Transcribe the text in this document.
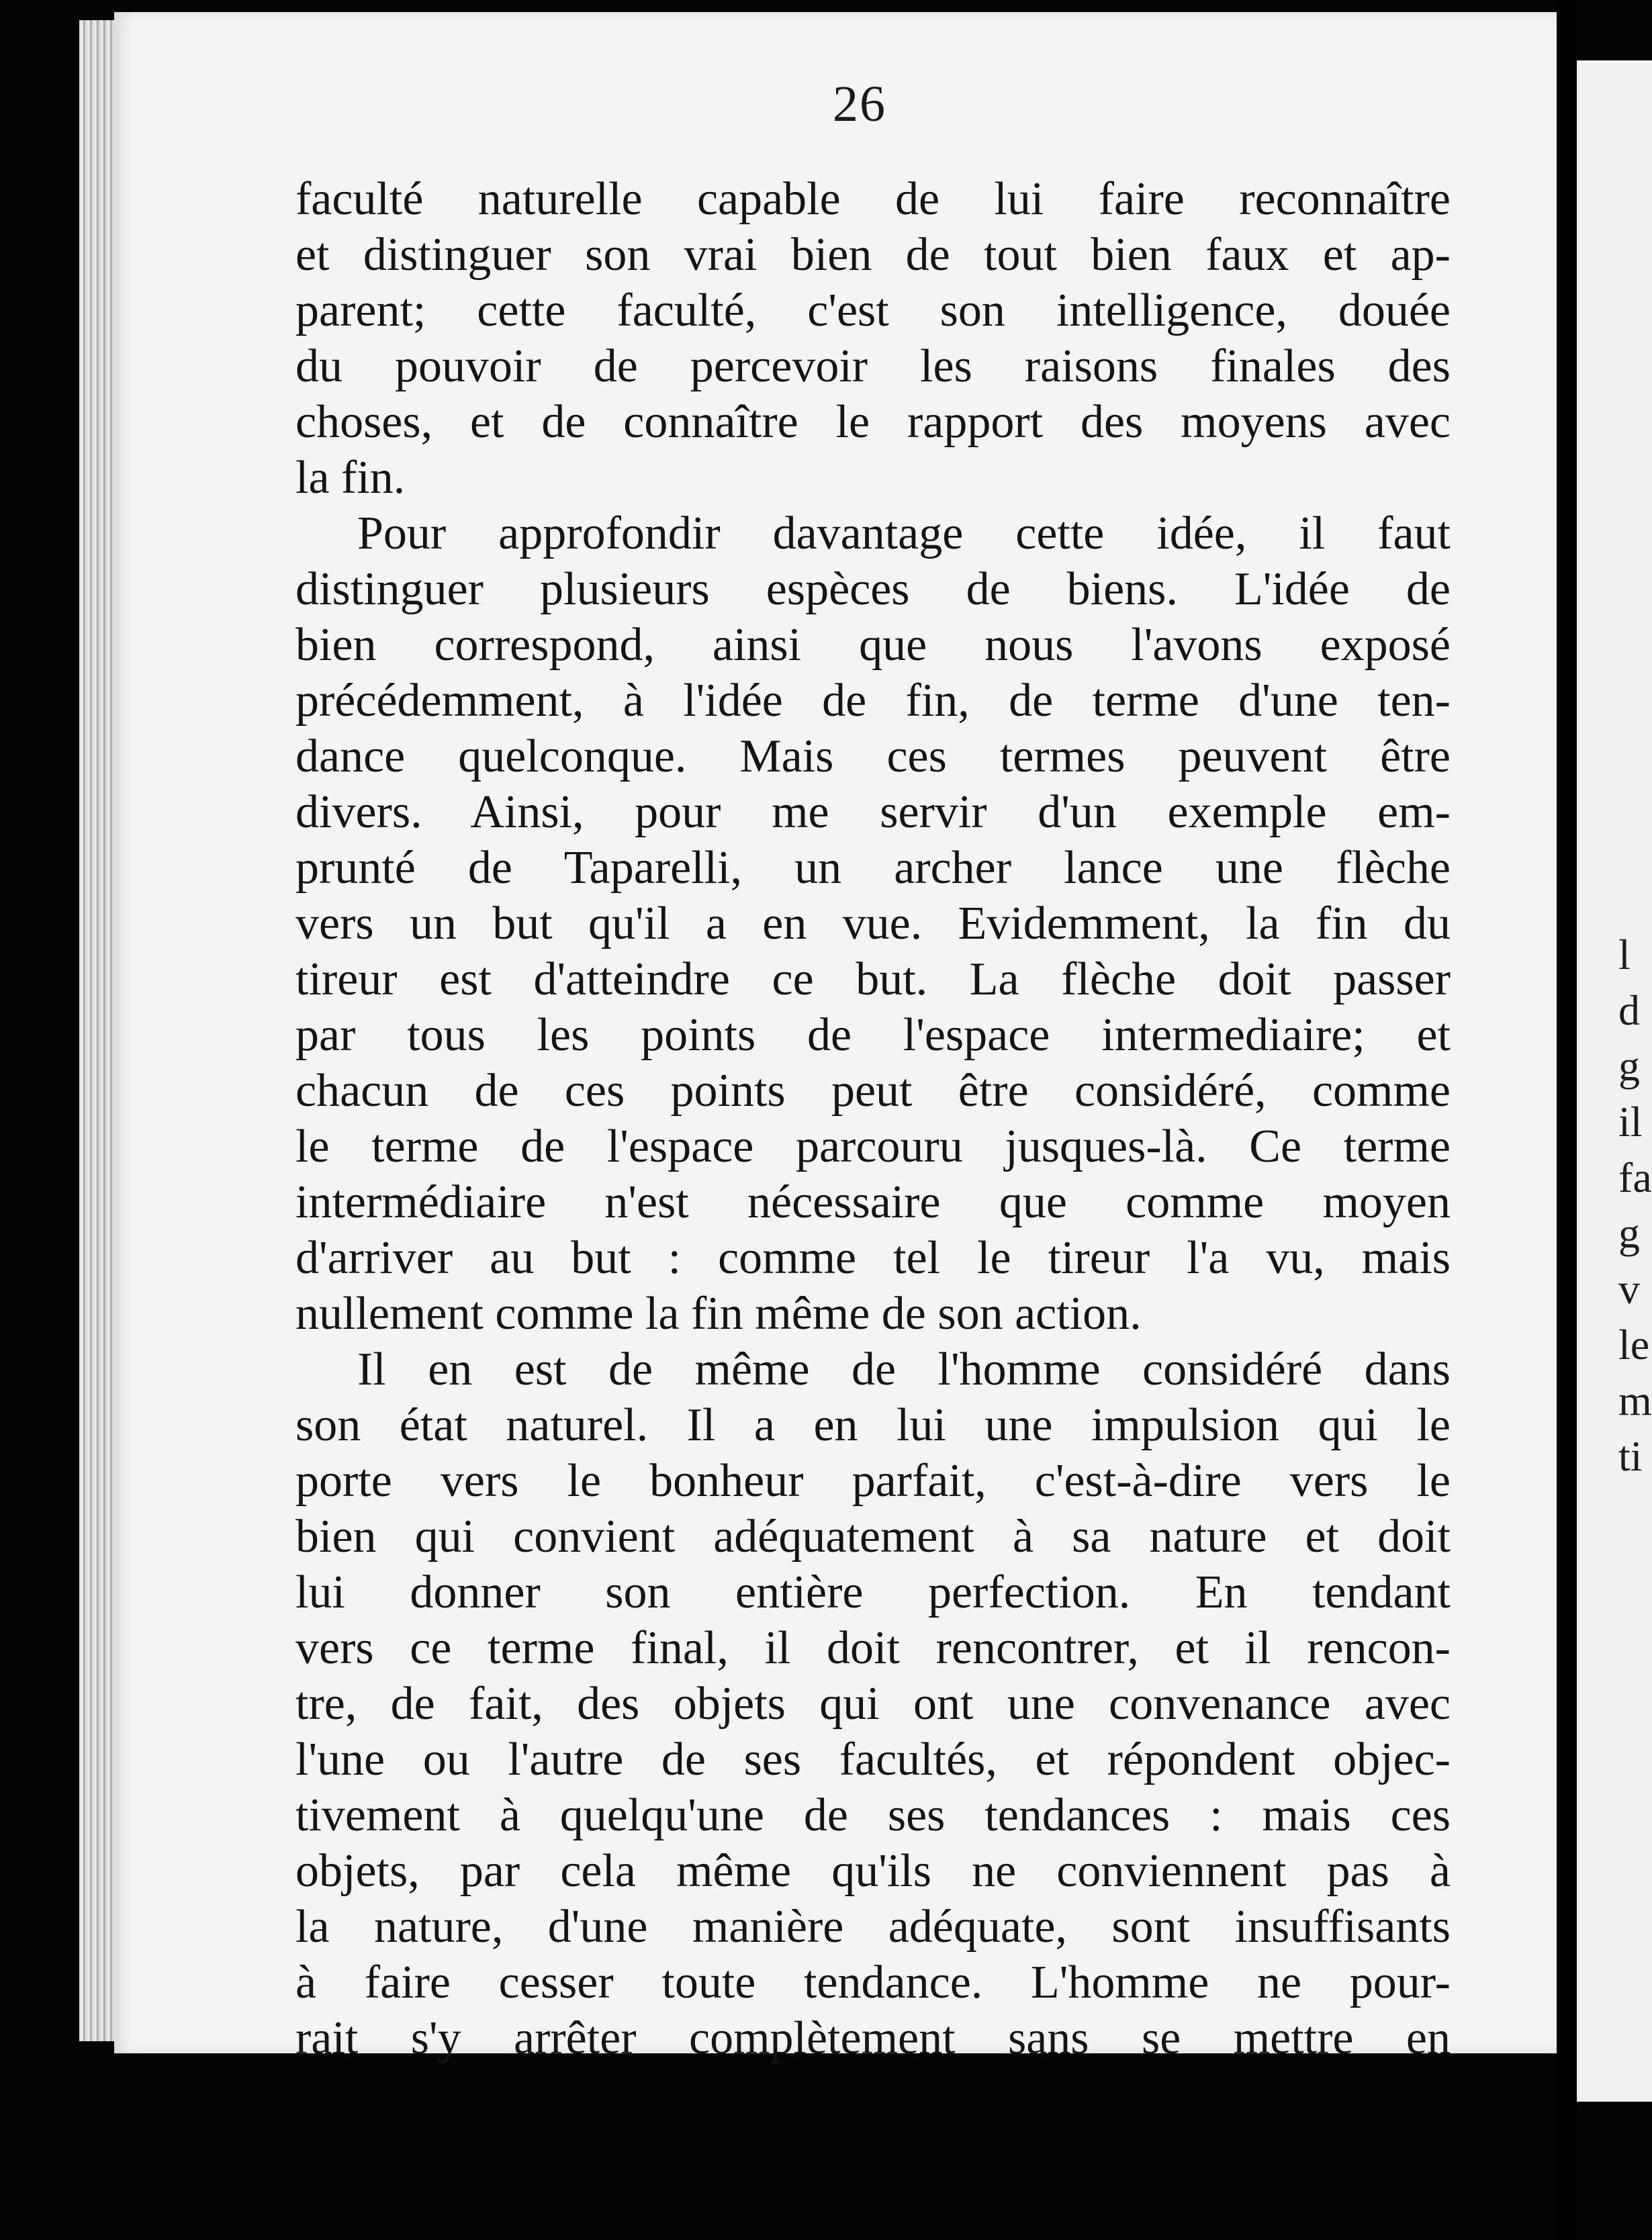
l
d
g
il
fa
g
v
le
m
ti
26
faculté naturelle capable de lui faire reconnaître
et distinguer son vrai bien de tout bien faux et ap-
parent; cette faculté, c'est son intelligence, douée
du pouvoir de percevoir les raisons finales des
choses, et de connaître le rapport des moyens avec
la fin.
Pour approfondir davantage cette idée, il faut
distinguer plusieurs espèces de biens. L'idée de
bien correspond, ainsi que nous l'avons exposé
précédemment, à l'idée de fin, de terme d'une ten-
dance quelconque. Mais ces termes peuvent être
divers. Ainsi, pour me servir d'un exemple em-
prunté de Taparelli, un archer lance une flèche
vers un but qu'il a en vue. Evidemment, la fin du
tireur est d'atteindre ce but. La flèche doit passer
par tous les points de l'espace intermediaire; et
chacun de ces points peut être considéré, comme
le terme de l'espace parcouru jusques-là. Ce terme
intermédiaire n'est nécessaire que comme moyen
d'arriver au but : comme tel le tireur l'a vu, mais
nullement comme la fin même de son action.
Il en est de même de l'homme considéré dans
son état naturel. Il a en lui une impulsion qui le
porte vers le bonheur parfait, c'est-à-dire vers le
bien qui convient adéquatement à sa nature et doit
lui donner son entière perfection. En tendant
vers ce terme final, il doit rencontrer, et il rencon-
tre, de fait, des objets qui ont une convenance avec
l'une ou l'autre de ses facultés, et répondent objec-
tivement à quelqu'une de ses tendances : mais ces
objets, par cela même qu'ils ne conviennent pas à
la nature, d'une manière adéquate, sont insuffisants
à faire cesser toute tendance. L'homme ne pour-
rait s'y arrêter complètement sans se mettre en
